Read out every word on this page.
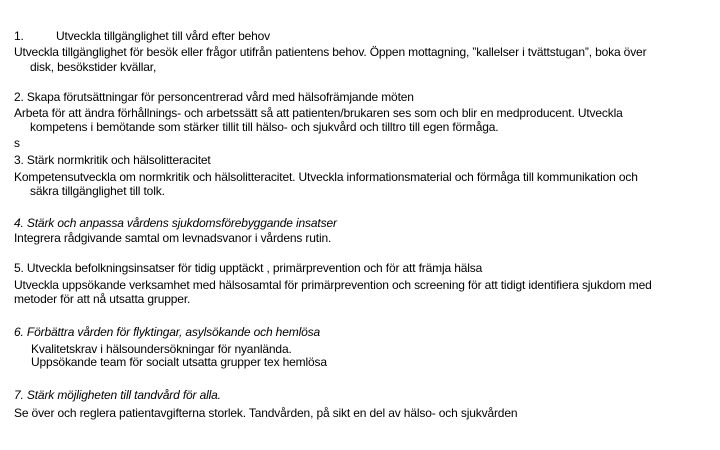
1.	Utveckla tillgänglighet till vård efter behov
Utveckla tillgänglighet för besök eller frågor utifrån patientens behov. Öppen mottagning, ”kallelser i tvättstugan”, boka över
disk, besökstider kvällar,
2. Skapa förutsättningar för personcentrerad vård med hälsofrämjande möten
Arbeta för att ändra förhållnings- och arbetssätt så att patienten/brukaren ses som och blir en medproducent. Utveckla
kompetens i bemötande som stärker tillit till hälso- och sjukvård och tilltro till egen förmåga.
s
3. Stärk normkritik och hälsolitteracitet
Kompetensutveckla om normkritik och hälsolitteracitet. Utveckla informationsmaterial och förmåga till kommunikation och
säkra tillgänglighet till tolk.
4. Stärk och anpassa vårdens sjukdomsförebyggande insatser
Integrera rådgivande samtal om levnadsvanor i vårdens rutin.
5. Utveckla befolkningsinsatser för tidig upptäckt , primärprevention och för att främja hälsa
Utveckla uppsökande verksamhet med hälsosamtal för primärprevention och screening för att tidigt identifiera sjukdom med
metoder för att nå utsatta grupper.
6. Förbättra vården för flyktingar, asylsökande och hemlösa
Kvalitetskrav i hälsoundersökningar för nyanlända.
Uppsökande team för socialt utsatta grupper tex hemlösa
7. Stärk möjligheten till tandvård för alla.
Se över och reglera patientavgifterna storlek. Tandvården, på sikt en del av hälso- och sjukvården
